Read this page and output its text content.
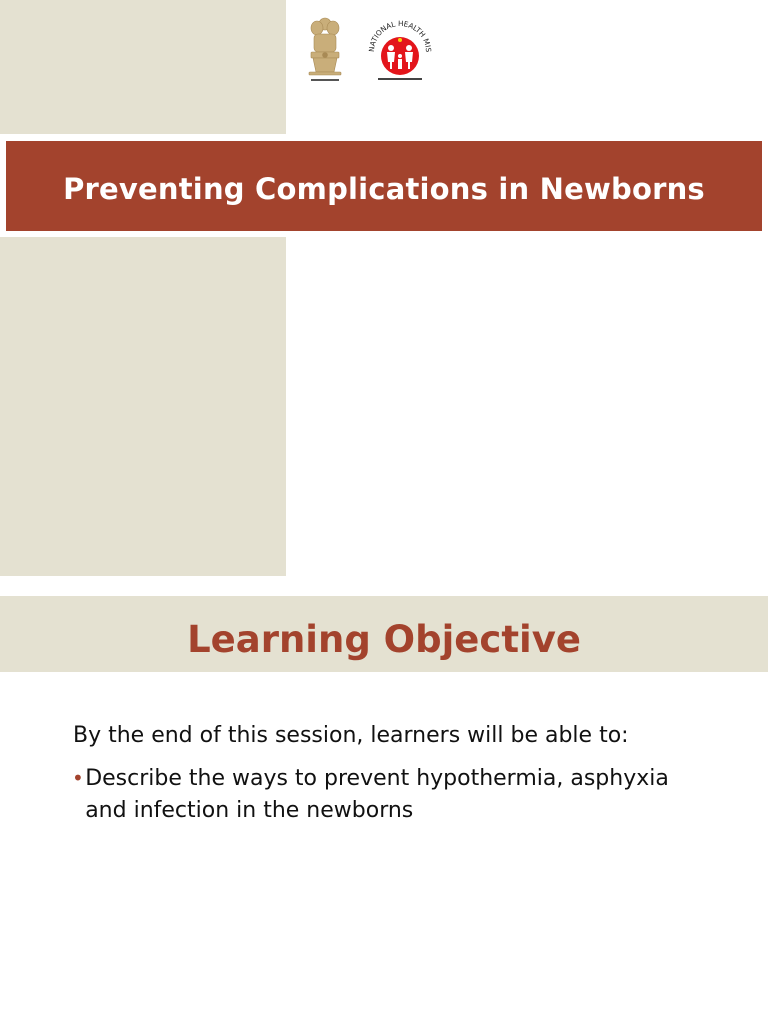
NATIONAL HEALTH MIS
Preventing Complications in Newborns
Learning Objective
By the end of this session, learners will be able to:
• Describe the ways to prevent hypothermia, asphyxia and infection in the newborns
